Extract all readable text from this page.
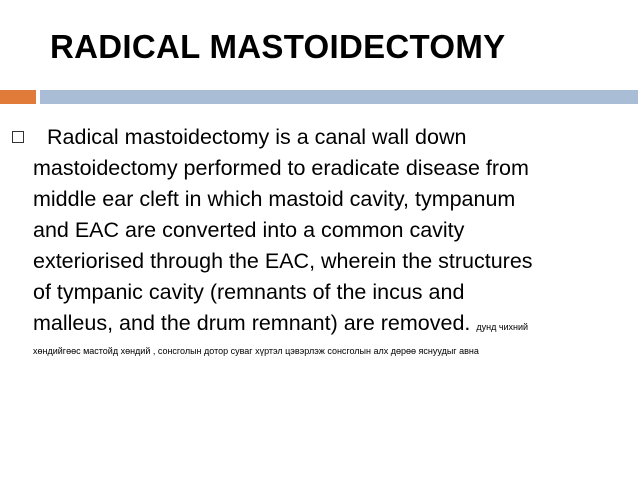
RADICAL MASTOIDECTOMY
Radical mastoidectomy is a canal wall down
mastoidectomy performed to eradicate disease from
middle ear cleft in which mastoid cavity, tympanum
and EAC are converted into a common cavity
exteriorised through the EAC, wherein the structures
of tympanic cavity (remnants of the incus and
malleus, and the drum remnant) are removed. дунд чихний
хөндийгөөс мастойд хөндий , сонсголын дотор суваг хүртэл цэвэрлэж сонсголын алх дөрөө яснуудыг авна
